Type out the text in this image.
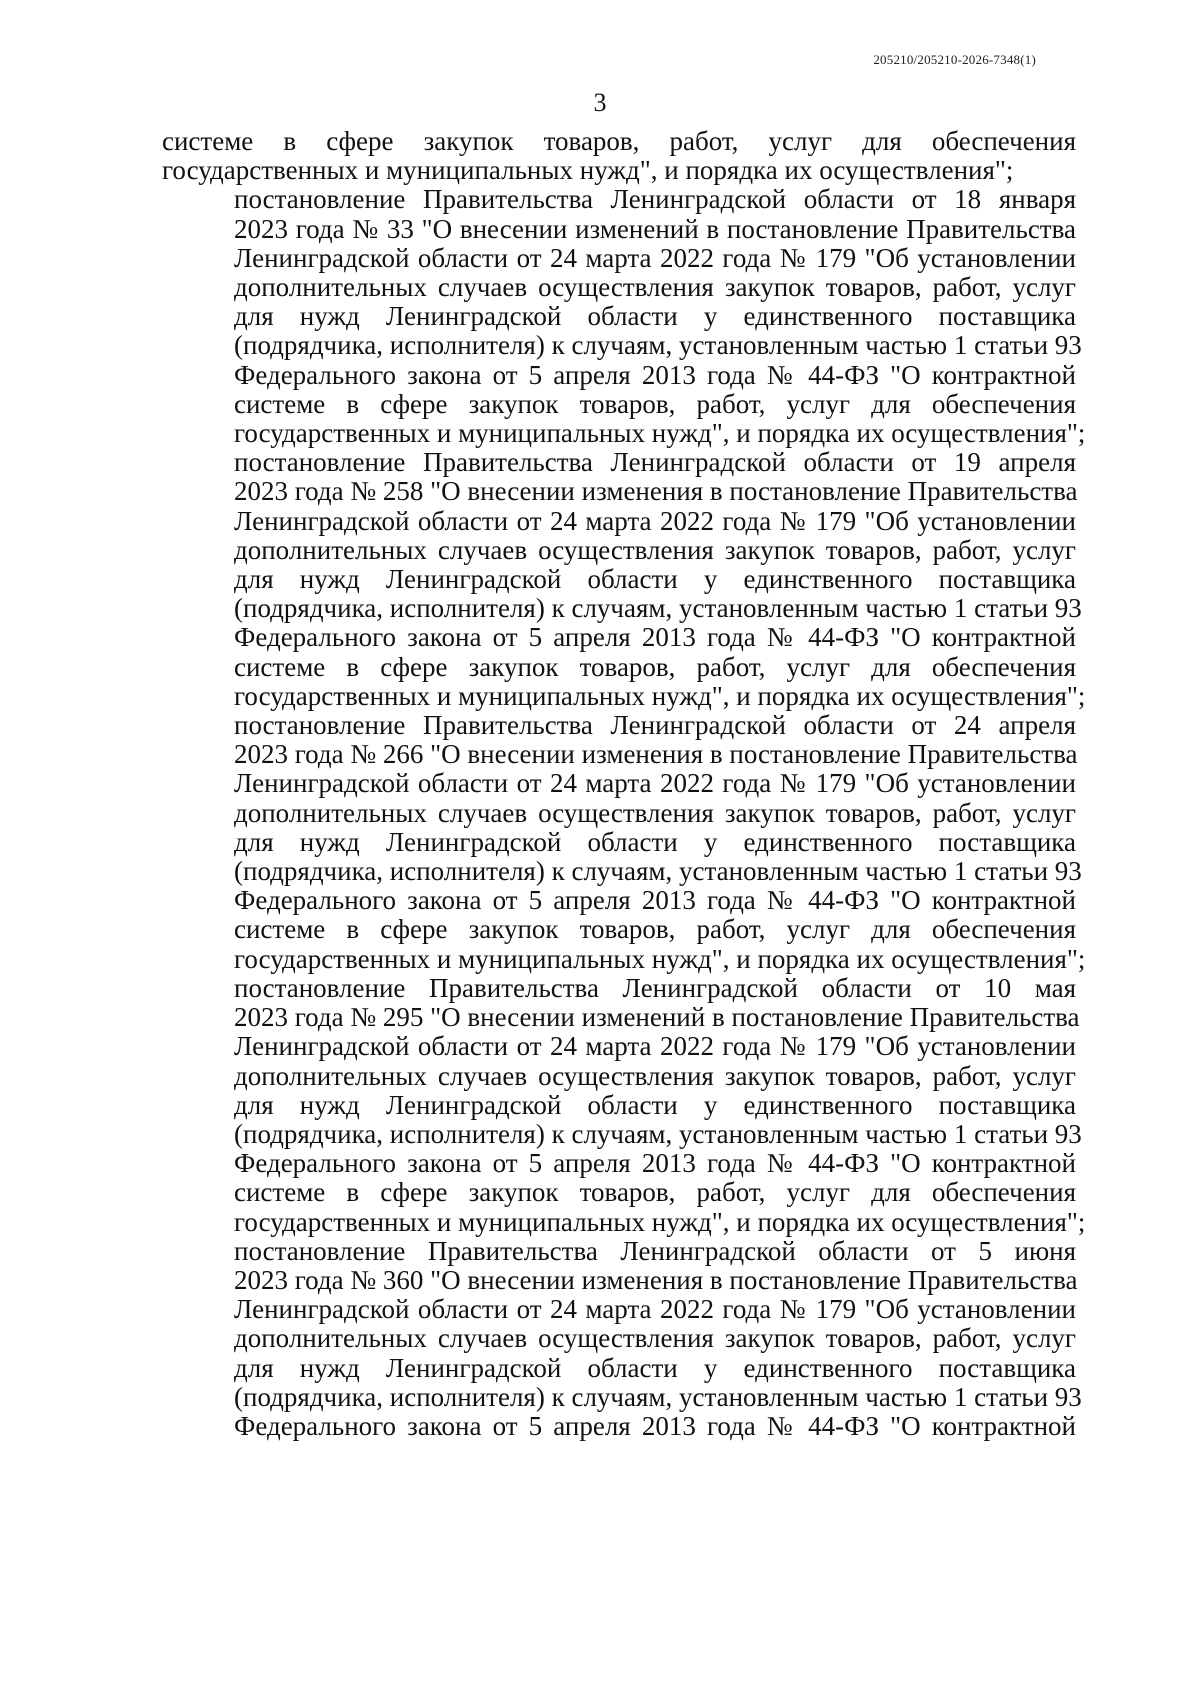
205210/205210-2026-7348(1)
3

системе в сфере закупок товаров, работ, услуг для обеспечения
государственных и муниципальных нужд", и порядка их осуществления";

постановление Правительства Ленинградской области от 18 января
2023 года № 33 "О внесении изменений в постановление Правительства
Ленинградской области от 24 марта 2022 года № 179 "Об установлении
дополнительных случаев осуществления закупок товаров, работ, услуг
для нужд Ленинградской области у единственного поставщика
(подрядчика, исполнителя) к случаям, установленным частью 1 статьи 93
Федерального закона от 5 апреля 2013 года № 44-ФЗ "О контрактной
системе в сфере закупок товаров, работ, услуг для обеспечения
государственных и муниципальных нужд", и порядка их осуществления";

постановление Правительства Ленинградской области от 19 апреля
2023 года № 258 "О внесении изменения в постановление Правительства
Ленинградской области от 24 марта 2022 года № 179 "Об установлении
дополнительных случаев осуществления закупок товаров, работ, услуг
для нужд Ленинградской области у единственного поставщика
(подрядчика, исполнителя) к случаям, установленным частью 1 статьи 93
Федерального закона от 5 апреля 2013 года № 44-ФЗ "О контрактной
системе в сфере закупок товаров, работ, услуг для обеспечения
государственных и муниципальных нужд", и порядка их осуществления";

постановление Правительства Ленинградской области от 24 апреля
2023 года № 266 "О внесении изменения в постановление Правительства
Ленинградской области от 24 марта 2022 года № 179 "Об установлении
дополнительных случаев осуществления закупок товаров, работ, услуг
для нужд Ленинградской области у единственного поставщика
(подрядчика, исполнителя) к случаям, установленным частью 1 статьи 93
Федерального закона от 5 апреля 2013 года № 44-ФЗ "О контрактной
системе в сфере закупок товаров, работ, услуг для обеспечения
государственных и муниципальных нужд", и порядка их осуществления";

постановление Правительства Ленинградской области от 10 мая
2023 года № 295 "О внесении изменений в постановление Правительства
Ленинградской области от 24 марта 2022 года № 179 "Об установлении
дополнительных случаев осуществления закупок товаров, работ, услуг
для нужд Ленинградской области у единственного поставщика
(подрядчика, исполнителя) к случаям, установленным частью 1 статьи 93
Федерального закона от 5 апреля 2013 года № 44-ФЗ "О контрактной
системе в сфере закупок товаров, работ, услуг для обеспечения
государственных и муниципальных нужд", и порядка их осуществления";

постановление Правительства Ленинградской области от 5 июня
2023 года № 360 "О внесении изменения в постановление Правительства
Ленинградской области от 24 марта 2022 года № 179 "Об установлении
дополнительных случаев осуществления закупок товаров, работ, услуг
для нужд Ленинградской области у единственного поставщика
(подрядчика, исполнителя) к случаям, установленным частью 1 статьи 93
Федерального закона от 5 апреля 2013 года № 44-ФЗ "О контрактной
